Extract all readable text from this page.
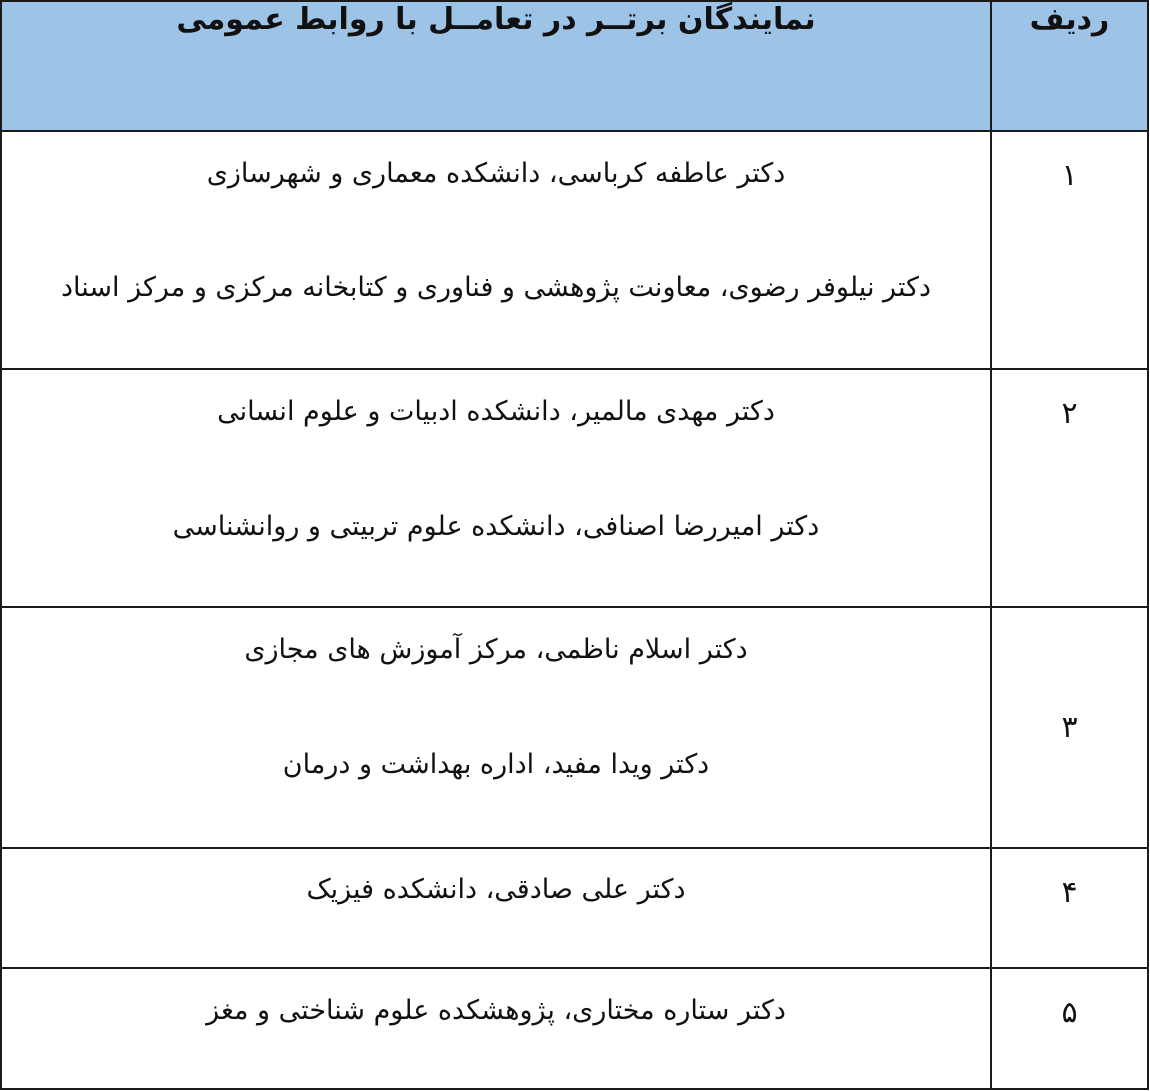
ردیف	نمایندگان برتــر در تعامــل با روابط عمومی
۱	دکتر عاطفه کرباسی، دانشکده معماری و شهرسازی
دکتر نیلوفر رضوی، معاونت پژوهشی و فناوری و کتابخانه مرکزی و مرکز اسناد

۲	دکتر مهدی مالمیر، دانشکده ادبیات و علوم انسانی
دکتر امیررضا اصنافی، دانشکده علوم تربیتی و روانشناسی

۳	دکتر اسلام ناظمی، مرکز آموزش های مجازی
دکتر ویدا مفید، اداره بهداشت و درمان

۴	دکتر علی صادقی، دانشکده فیزیک

۵	دکتر ستاره مختاری، پژوهشکده علوم شناختی و مغز
